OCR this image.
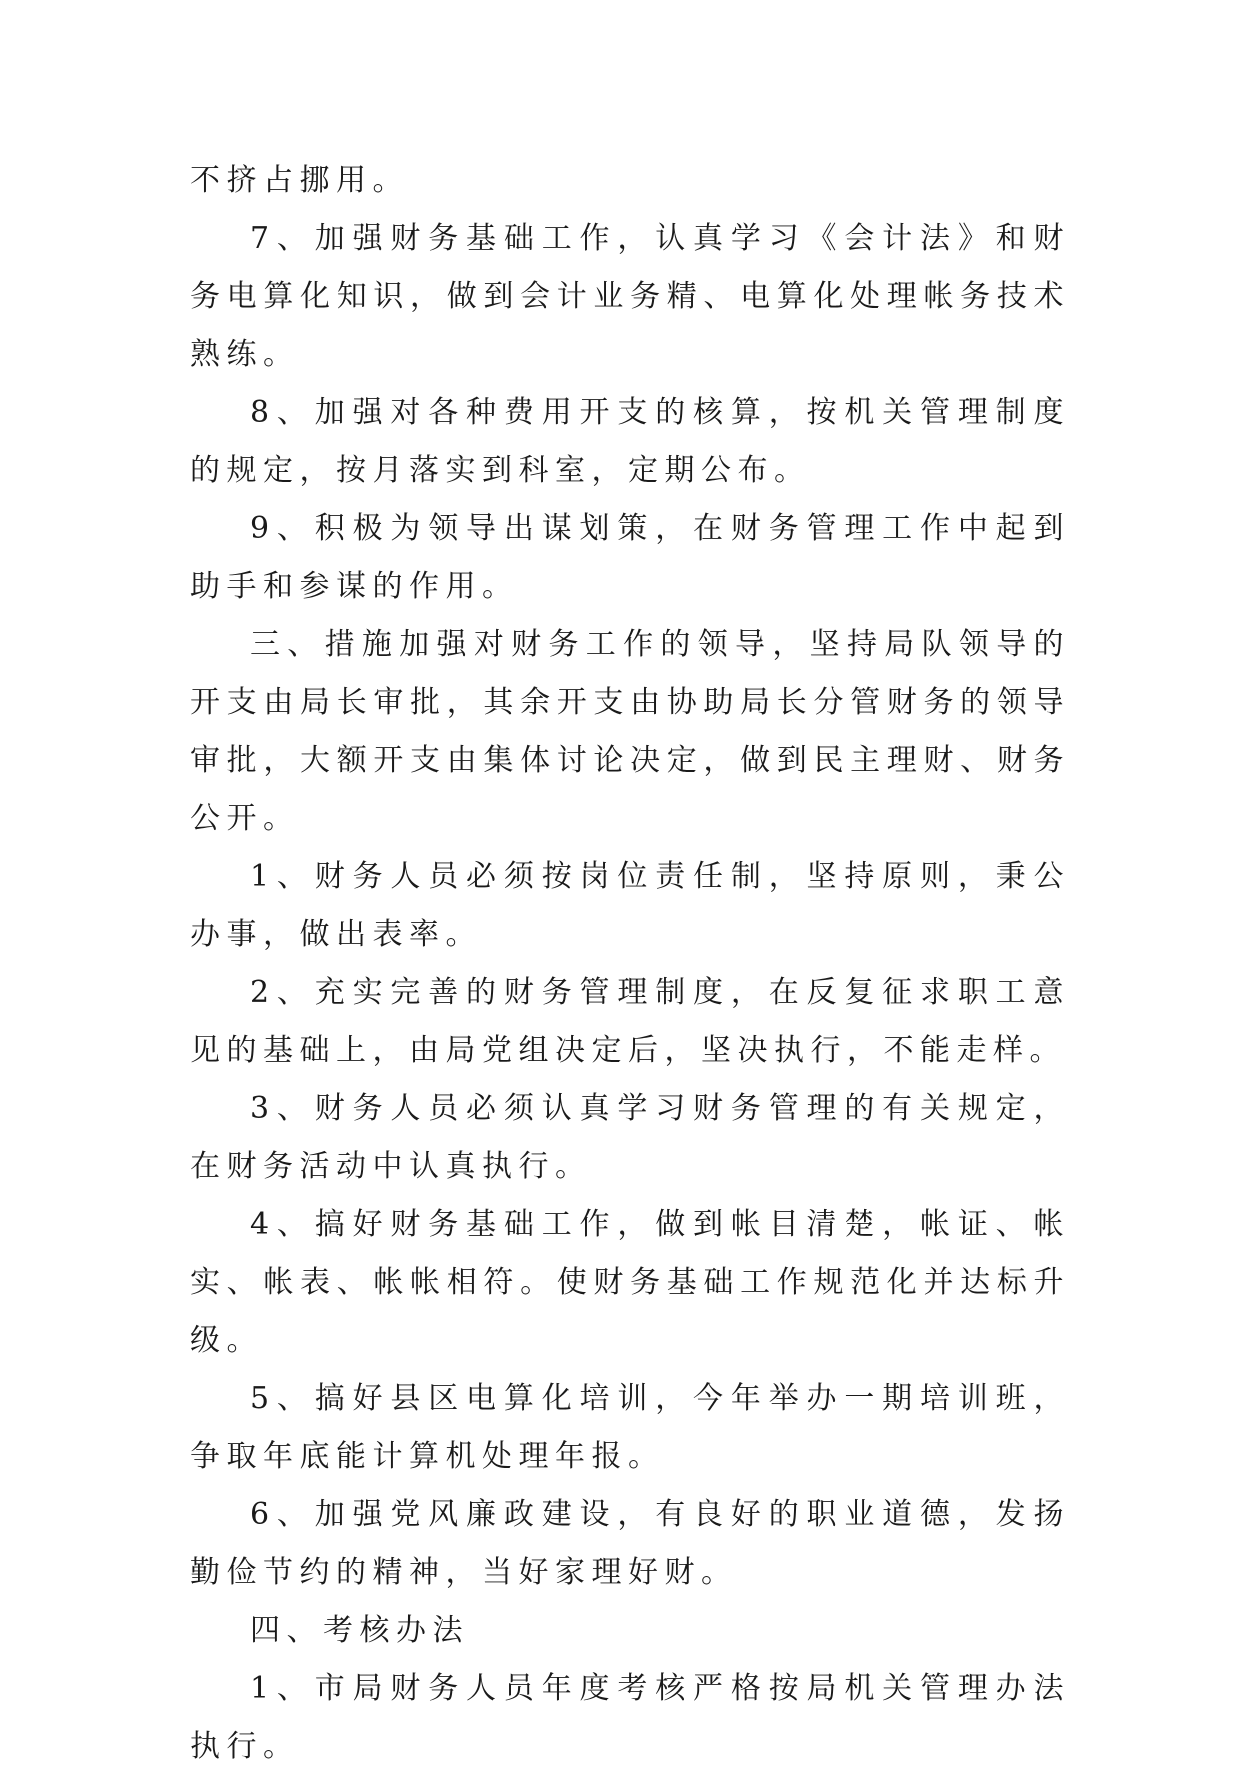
不挤占挪用。

7、加强财务基础工作，认真学习《会计法》和财务电算化知识，做到会计业务精、电算化处理帐务技术熟练。

8、加强对各种费用开支的核算，按机关管理制度的规定，按月落实到科室，定期公布。

9、积极为领导出谋划策，在财务管理工作中起到助手和参谋的作用。

三、措施加强对财务工作的领导，坚持局队领导的开支由局长审批，其余开支由协助局长分管财务的领导审批，大额开支由集体讨论决定，做到民主理财、财务公开。

1、财务人员必须按岗位责任制，坚持原则，秉公办事，做出表率。

2、充实完善的财务管理制度，在反复征求职工意见的基础上，由局党组决定后，坚决执行，不能走样。

3、财务人员必须认真学习财务管理的有关规定，在财务活动中认真执行。

4、搞好财务基础工作，做到帐目清楚，帐证、帐实、帐表、帐帐相符。使财务基础工作规范化并达标升级。

5、搞好县区电算化培训，今年举办一期培训班，争取年底能计算机处理年报。

6、加强党风廉政建设，有良好的职业道德，发扬勤俭节约的精神，当好家理好财。

四、考核办法

1、市局财务人员年度考核严格按局机关管理办法执行。
